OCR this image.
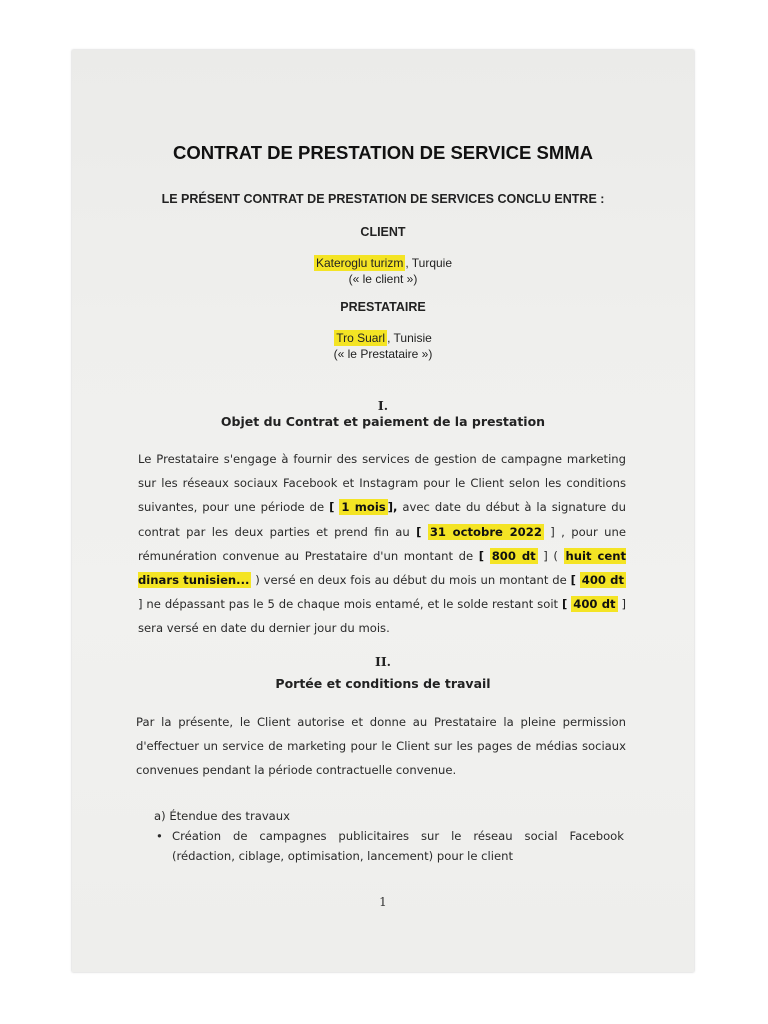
CONTRAT DE PRESTATION DE SERVICE SMMA
LE PRÉSENT CONTRAT DE PRESTATION DE SERVICES CONCLU ENTRE :
CLIENT
Kateroglu turizm , Turquie
(« le client »)
PRESTATAIRE
Tro Suarl , Tunisie
(« le Prestataire »)
I.
Objet du Contrat et paiement de la prestation
Le Prestataire s'engage à fournir des services de gestion de campagne marketing sur les réseaux sociaux Facebook et Instagram pour le Client selon les conditions suivantes, pour une période de [ 1 mois ], avec date du début à la signature du contrat par les deux parties et prend fin au [ 31 octobre 2022 ] , pour une rémunération convenue au Prestataire d'un montant de [ 800 dt ] ( huit cent dinars tunisien... ) versé en deux fois au début du mois un montant de [ 400 dt ] ne dépassant pas le 5 de chaque mois entamé, et le solde restant soit [ 400 dt ] sera versé en date du dernier jour du mois.
II.
Portée et conditions de travail
Par la présente, le Client autorise et donne au Prestataire la pleine permission d'effectuer un service de marketing pour le Client sur les pages de médias sociaux convenues pendant la période contractuelle convenue.
a) Étendue des travaux
• Création de campagnes publicitaires sur le réseau social Facebook (rédaction, ciblage, optimisation, lancement) pour le client
1
